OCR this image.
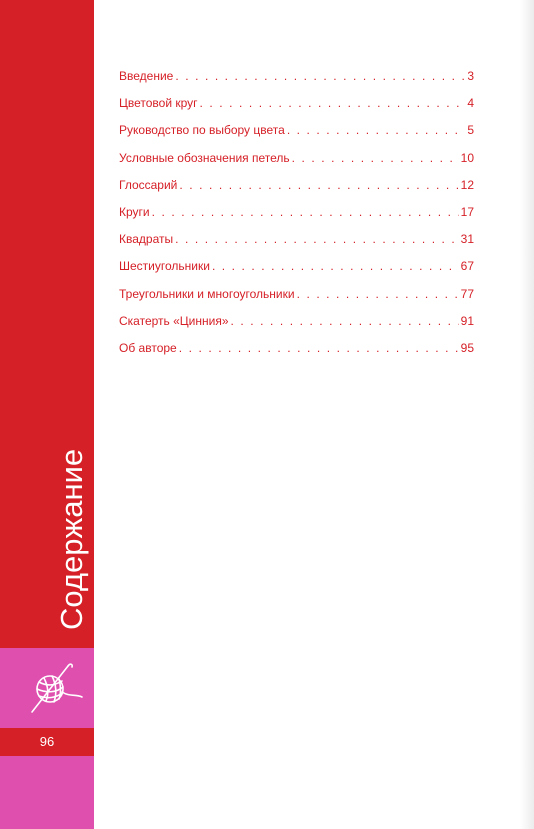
96
Содержание
Введение . . .	3
Цветовой круг . . .	4
Руководство по выбору цвета . . .	5
Условные обозначения петель . . .	10
Глоссарий . . .	12
Круги . . .	17
Квадраты . . .	31
Шестиугольники . . .	67
Треугольники и многоугольники . . .	77
Скатерть «Цинния» . . .	91
Об авторе . . .	95
